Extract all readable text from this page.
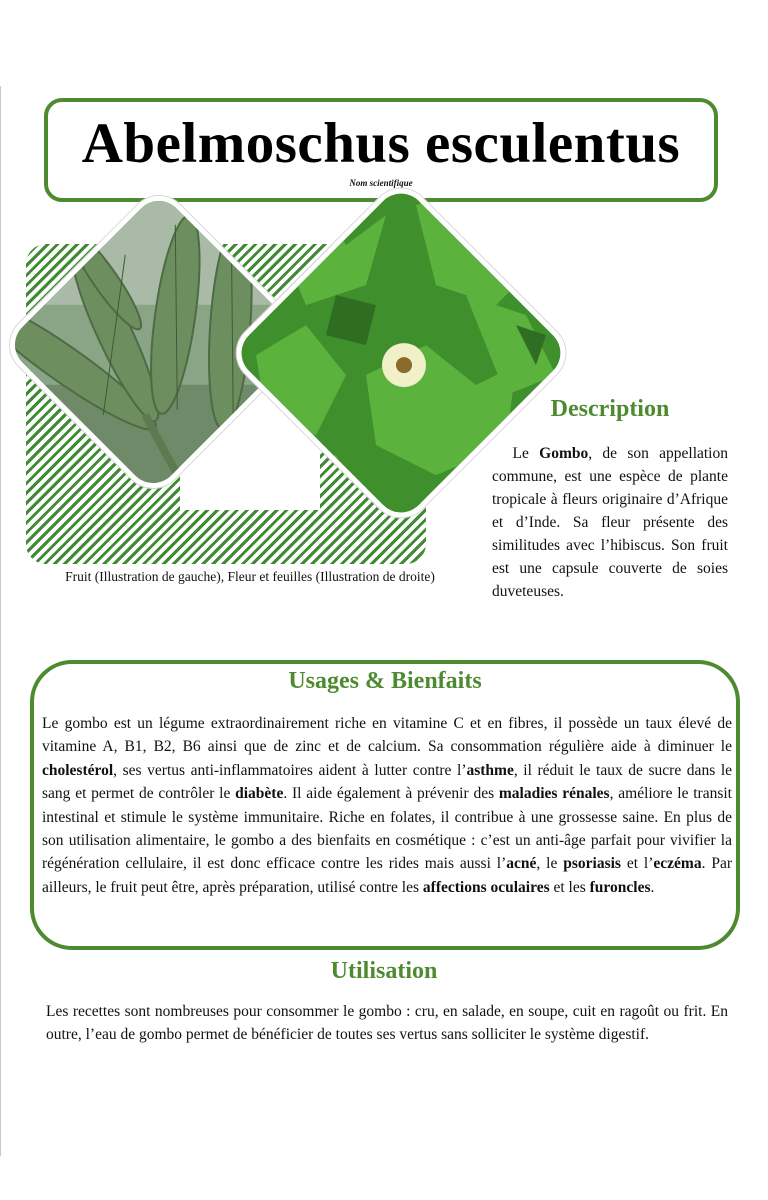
Abelmoschus esculentus
Nom scientifique
Fruit (Illustration de gauche), Fleur et feuilles (Illustration de droite)
Description
Le Gombo, de son appellation commune, est une espèce de plante tropicale à fleurs originaire d’Afrique et d’Inde. Sa fleur présente des similitudes avec l’hibiscus. Son fruit est une capsule couverte de soies duveteuses.
Usages & Bienfaits
Le gombo est un légume extraordinairement riche en vitamine C et en fibres, il possède un taux élevé de vitamine A, B1, B2, B6 ainsi que de zinc et de calcium. Sa consommation régulière aide à diminuer le cholestérol, ses vertus anti-inflammatoires aident à lutter contre l’asthme, il réduit le taux de sucre dans le sang et permet de contrôler le diabète. Il aide également à prévenir des maladies rénales, améliore le transit intestinal et stimule le système immunitaire. Riche en folates, il contribue à une grossesse saine. En plus de son utilisation alimentaire, le gombo a des bienfaits en cosmétique : c’est un anti-âge parfait pour vivifier la régénération cellulaire, il est donc efficace contre les rides mais aussi l’acné, le psoriasis et l’eczéma. Par ailleurs, le fruit peut être, après préparation, utilisé contre les affections oculaires et les furoncles.
Utilisation
Les recettes sont nombreuses pour consommer le gombo : cru, en salade, en soupe, cuit en ragoût ou frit. En outre, l’eau de gombo permet de bénéficier de toutes ses vertus sans solliciter le système digestif.
